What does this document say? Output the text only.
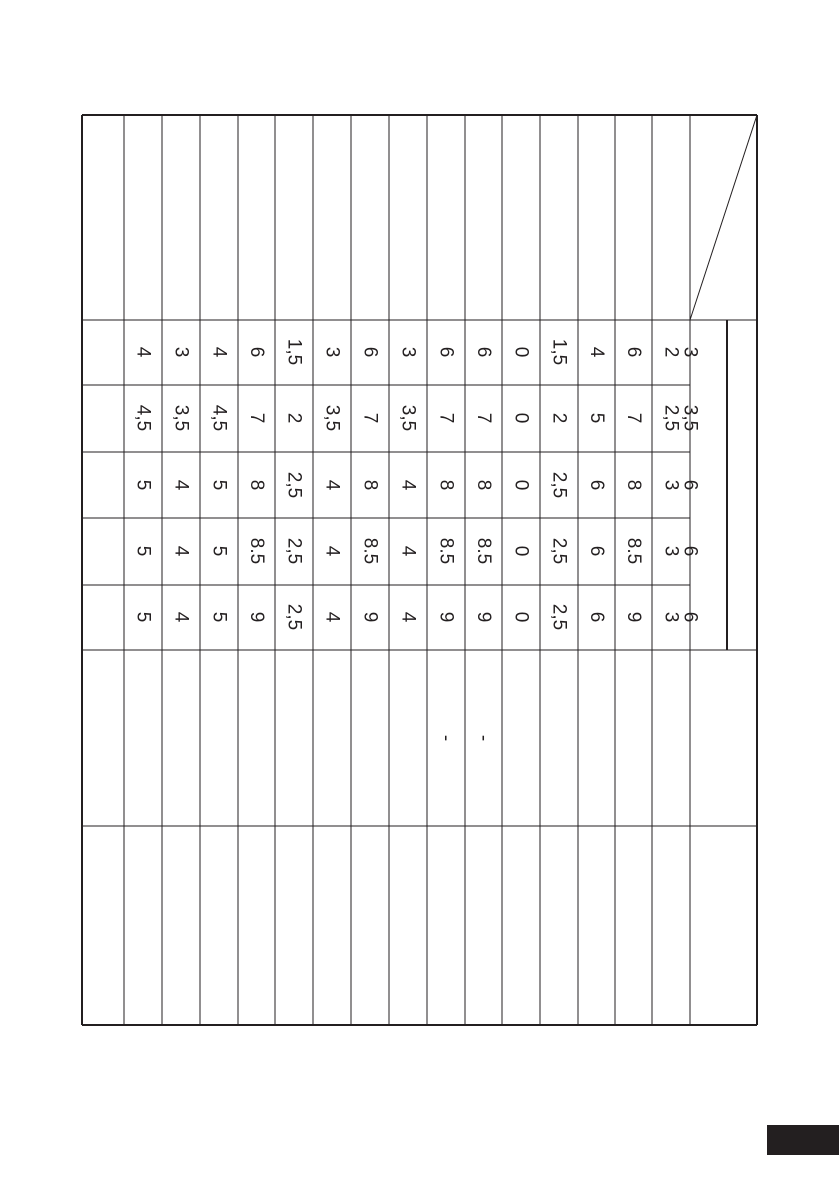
3
3,5
6
6
6
2
2,5
3
3
3
6
7
8
8.5
9
4
5
6
6
6
1,5
2
2,5
2,5
2,5
0
0
0
0
0
6
7
8
8.5
9
-
6
7
8
8.5
9
-
3
3,5
4
4
4
6
7
8
8.5
9
3
3,5
4
4
4
1,5
2
2,5
2,5
2,5
6
7
8
8.5
9
4
4,5
5
5
5
3
3,5
4
4
4
4
4,5
5
5
5
